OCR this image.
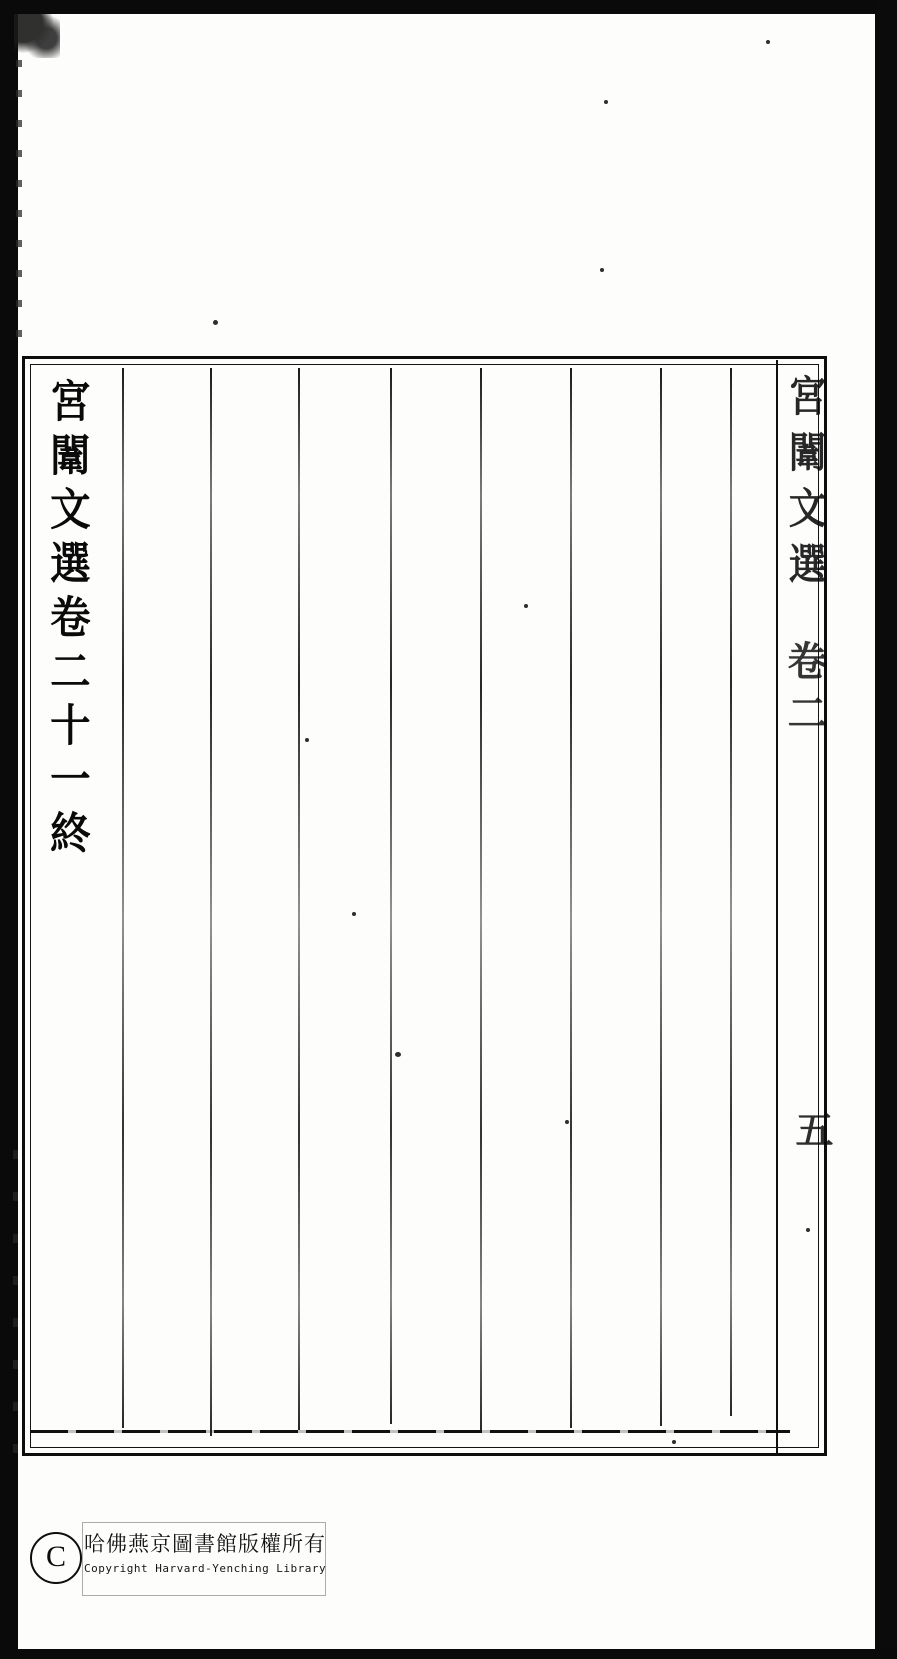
宮闈文選卷二十一終	宮闈文選
卷二
五
C 哈佛燕京圖書館版權所有
Copyright Harvard-Yenching Library
